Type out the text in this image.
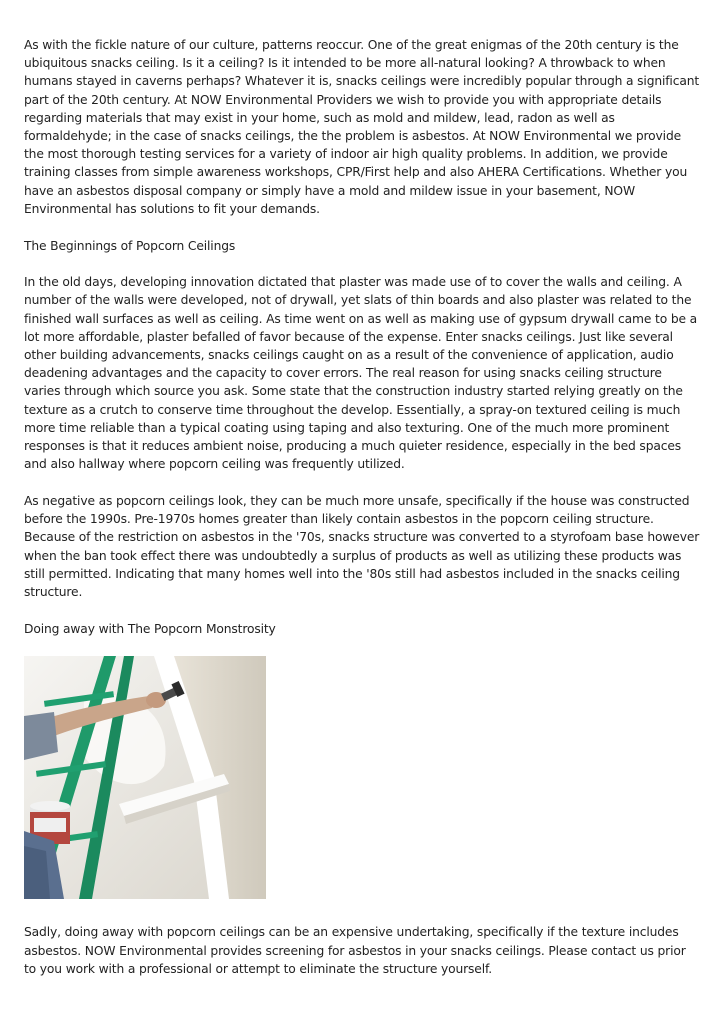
As with the fickle nature of our culture, patterns reoccur. One of the great enigmas of the 20th century is the ubiquitous snacks ceiling. Is it a ceiling? Is it intended to be more all-natural looking? A throwback to when humans stayed in caverns perhaps? Whatever it is, snacks ceilings were incredibly popular through a significant part of the 20th century. At NOW Environmental Providers we wish to provide you with appropriate details regarding materials that may exist in your home, such as mold and mildew, lead, radon as well as formaldehyde; in the case of snacks ceilings, the the problem is asbestos. At NOW Environmental we provide the most thorough testing services for a variety of indoor air high quality problems. In addition, we provide training classes from simple awareness workshops, CPR/First help and also AHERA Certifications. Whether you have an asbestos disposal company or simply have a mold and mildew issue in your basement, NOW Environmental has solutions to fit your demands.

The Beginnings of Popcorn Ceilings

In the old days, developing innovation dictated that plaster was made use of to cover the walls and ceiling. A number of the walls were developed, not of drywall, yet slats of thin boards and also plaster was related to the finished wall surfaces as well as ceiling. As time went on as well as making use of gypsum drywall came to be a lot more affordable, plaster befalled of favor because of the expense. Enter snacks ceilings. Just like several other building advancements, snacks ceilings caught on as a result of the convenience of application, audio deadening advantages and the capacity to cover errors. The real reason for using snacks ceiling structure varies through which source you ask. Some state that the construction industry started relying greatly on the texture as a crutch to conserve time throughout the develop. Essentially, a spray-on textured ceiling is much more time reliable than a typical coating using taping and also texturing. One of the much more prominent responses is that it reduces ambient noise, producing a much quieter residence, especially in the bed spaces and also hallway where popcorn ceiling was frequently utilized.

As negative as popcorn ceilings look, they can be much more unsafe, specifically if the house was constructed before the 1990s. Pre-1970s homes greater than likely contain asbestos in the popcorn ceiling structure. Because of the restriction on asbestos in the '70s, snacks structure was converted to a styrofoam base however when the ban took effect there was undoubtedly a surplus of products as well as utilizing these products was still permitted. Indicating that many homes well into the '80s still had asbestos included in the snacks ceiling structure.

Doing away with The Popcorn Monstrosity

Sadly, doing away with popcorn ceilings can be an expensive undertaking, specifically if the texture includes asbestos. NOW Environmental provides screening for asbestos in your snacks ceilings. Please contact us prior to you work with a professional or attempt to eliminate the structure yourself.
